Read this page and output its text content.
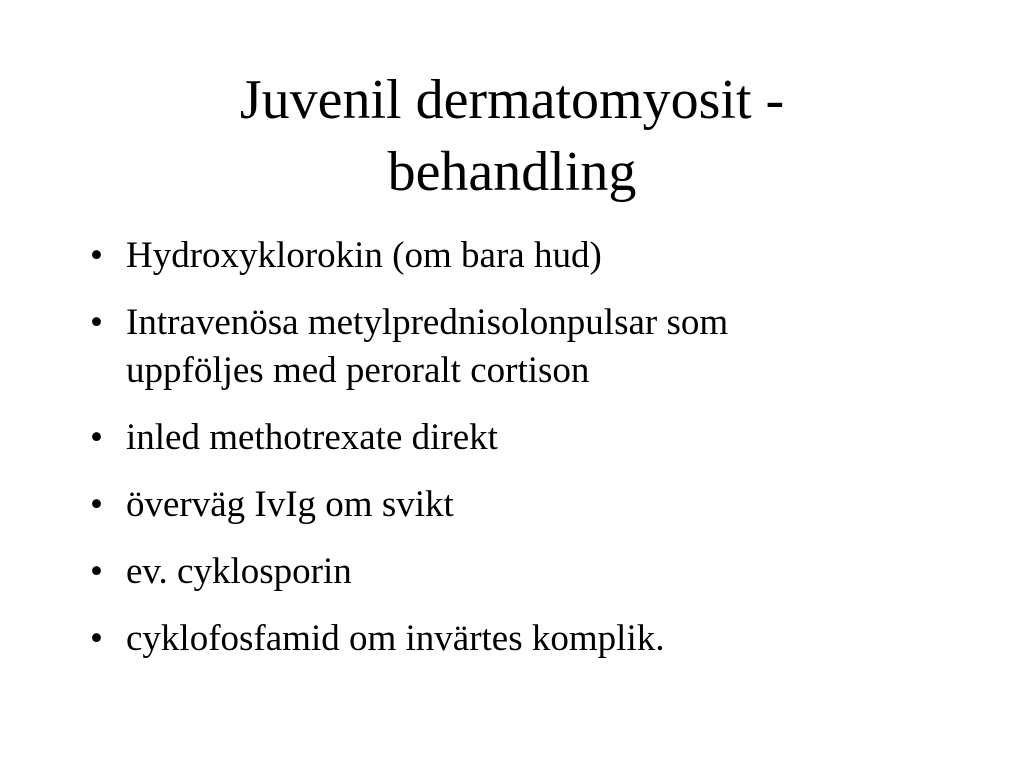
Juvenil dermatomyosit -
behandling
• Hydroxyklorokin (om bara hud)
• Intravenösa metylprednisolonpulsar som
uppföljes med peroralt cortison
• inled methotrexate direkt
• överväg IvIg om svikt
• ev. cyklosporin
• cyklofosfamid om invärtes komplik.
